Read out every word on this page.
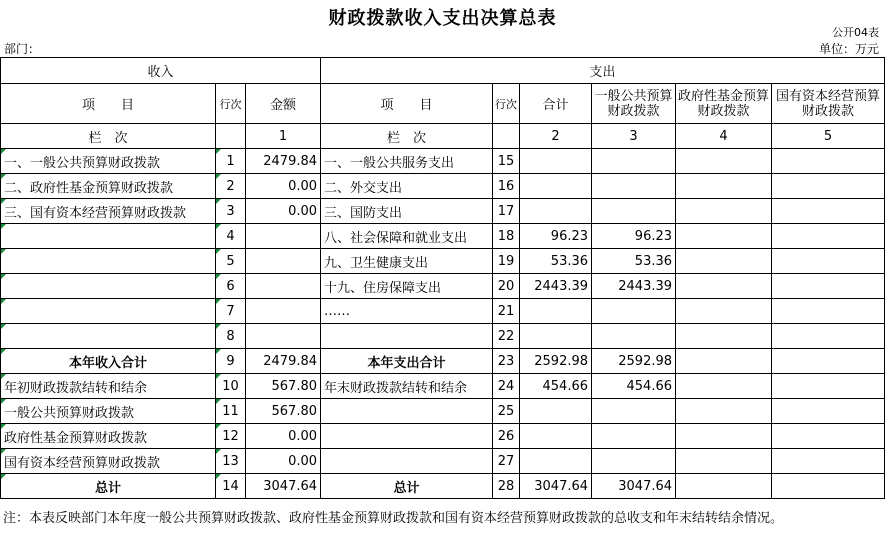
财政拨款收入支出决算总表
公开04表
部门：	单位：万元
收入			支出					
项　　目	行次	金额	项　　目	行次	合计	一般公共预算财政拨款	政府性基金预算财政拨款	国有资本经营预算财政拨款
栏　次		1	栏　次		2	3	4	5
一、一般公共预算财政拨款	1	2479.84	一、一般公共服务支出	15				
二、政府性基金预算财政拨款	2	0.00	二、外交支出	16				
三、国有资本经营预算财政拨款	3	0.00	三、国防支出	17				
	4		八、社会保障和就业支出	18	96.23	96.23		
	5		九、卫生健康支出	19	53.36	53.36		
	6		十九、住房保障支出	20	2443.39	2443.39		
	7		……	21				
	8			22				
本年收入合计	9	2479.84	本年支出合计	23	2592.98	2592.98		
年初财政拨款结转和结余	10	567.80	年末财政拨款结转和结余	24	454.66	454.66		
一般公共预算财政拨款	11	567.80		25				
政府性基金预算财政拨款	12	0.00		26				
国有资本经营预算财政拨款	13	0.00		27				
总计	14	3047.64	总计	28	3047.64	3047.64		
注：本表反映部门本年度一般公共预算财政拨款、政府性基金预算财政拨款和国有资本经营预算财政拨款的总收支和年末结转结余情况。
